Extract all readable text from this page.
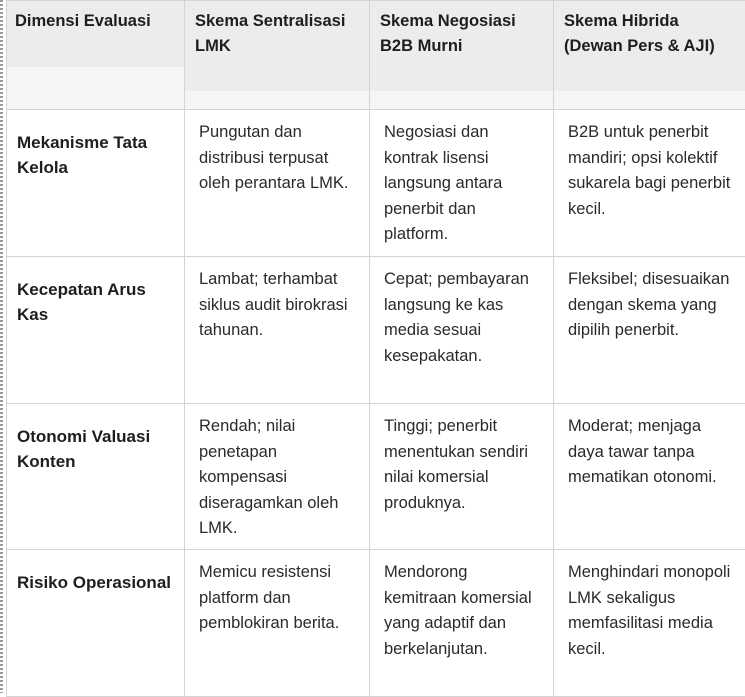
Dimensi Evaluasi	Skema Sentralisasi LMK	Skema Negosiasi B2B Murni	Skema Hibrida (Dewan Pers & AJI)

Mekanisme Tata Kelola	Pungutan dan distribusi terpusat oleh perantara LMK.	Negosiasi dan kontrak lisensi langsung antara penerbit dan platform.	B2B untuk penerbit mandiri; opsi kolektif sukarela bagi penerbit kecil.

Kecepatan Arus Kas	Lambat; terhambat siklus audit birokrasi tahunan.	Cepat; pembayaran langsung ke kas media sesuai kesepakatan.	Fleksibel; disesuaikan dengan skema yang dipilih penerbit.

Otonomi Valuasi Konten	Rendah; nilai penetapan kompensasi diseragamkan oleh LMK.	Tinggi; penerbit menentukan sendiri nilai komersial produknya.	Moderat; menjaga daya tawar tanpa mematikan otonomi.

Risiko Operasional	Memicu resistensi platform dan pemblokiran berita.	Mendorong kemitraan komersial yang adaptif dan berkelanjutan.	Menghindari monopoli LMK sekaligus memfasilitasi media kecil.
